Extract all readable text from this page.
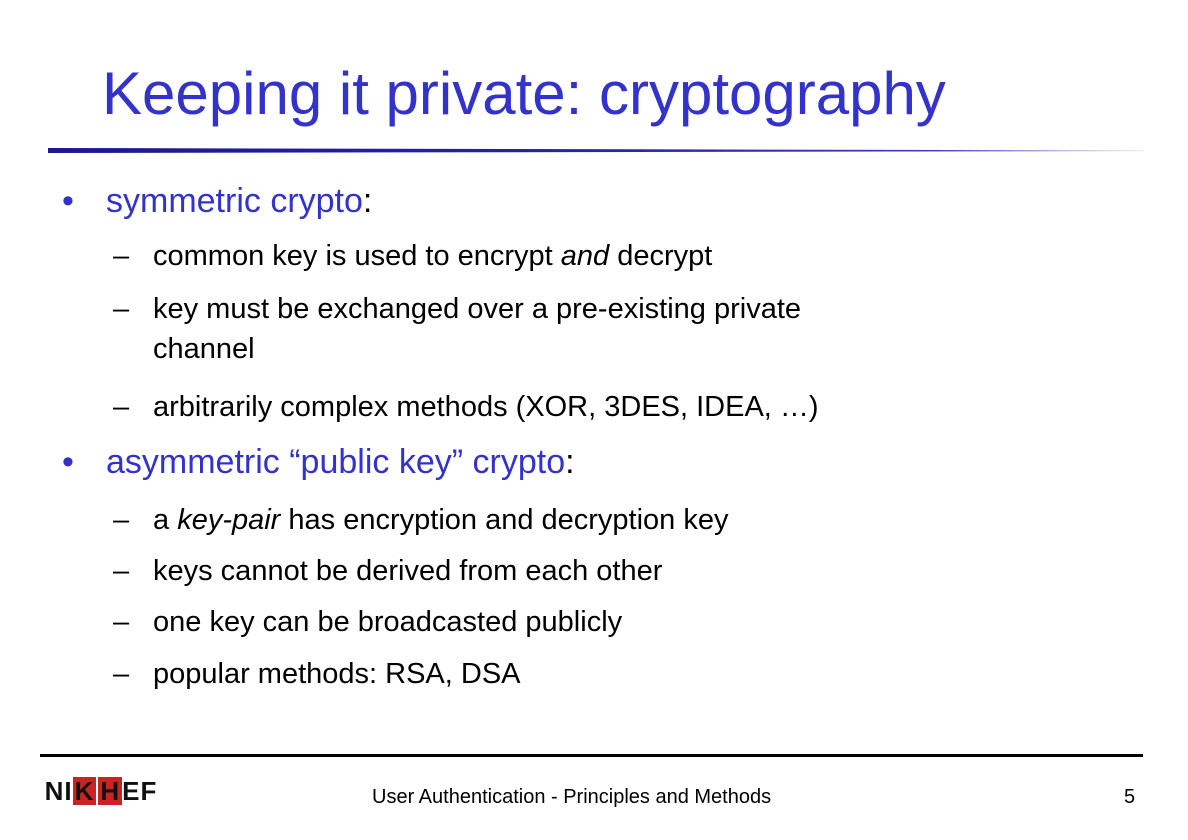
Keeping it private: cryptography
• symmetric crypto:
– common key is used to encrypt and decrypt
– key must be exchanged over a pre-existing private
channel
– arbitrarily complex methods (XOR, 3DES, IDEA, …)
• asymmetric “public key” crypto:
– a key-pair has encryption and decryption key
– keys cannot be derived from each other
– one key can be broadcasted publicly
– popular methods: RSA, DSA
NI K H EF	User Authentication - Principles and Methods	5
